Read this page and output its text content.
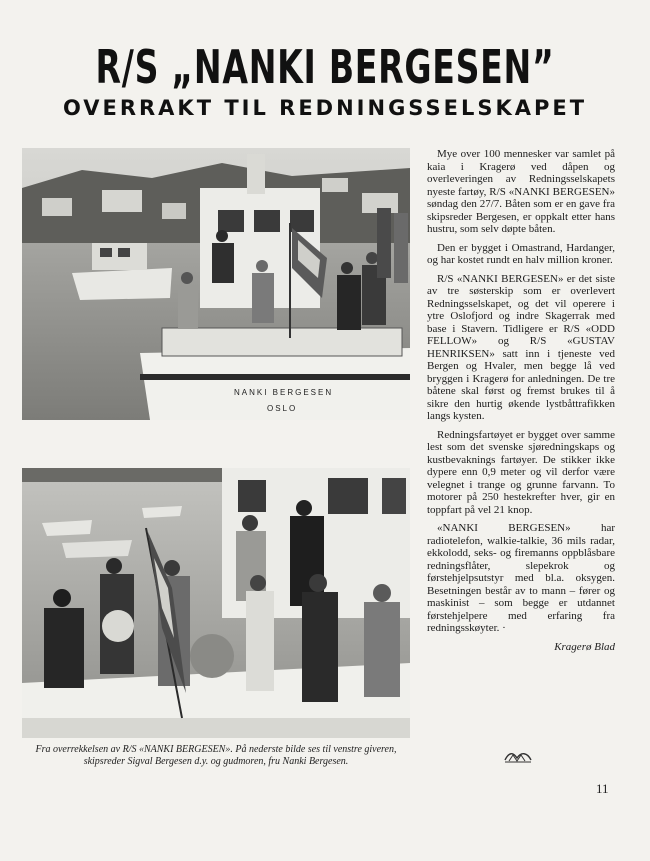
R/S „NANKI BERGESEN”
OVERRAKT TIL REDNINGSSELSKAPET
NANKI BERGESEN
OSLO
Fra overrekkelsen av R/S «NANKI BERGESEN». På nederste bilde ses til venstre giveren, skipsreder Sigval Bergesen d.y. og gudmoren, fru Nanki Bergesen.

Mye over 100 mennesker var samlet på kaia i Kragerø ved dåpen og overleveringen av Redningsselskapets nyeste fartøy, R/S «NANKI BERGESEN» søndag den 27/7. Båten som er en gave fra skipsreder Bergesen, er oppkalt etter hans hustru, som selv døpte båten.

Den er bygget i Omastrand, Hardanger, og har kostet rundt en halv million kroner.

R/S «NANKI BERGESEN» er det siste av tre søsterskip som er overlevert Redningsselskapet, og det vil operere i ytre Oslofjord og indre Skagerrak med base i Stavern. Tidligere er R/S «ODD FELLOW» og R/S «GUSTAV HENRIKSEN» satt inn i tjeneste ved Bergen og Hvaler, men begge lå ved bryggen i Kragerø for anledningen. De tre båtene skal først og fremst brukes til å sikre den hurtig økende lystbåttrafikken langs kysten.

Redningsfartøyet er bygget over samme lest som det svenske sjøredningskaps og kustbevaknings fartøyer. De stikker ikke dypere enn 0,9 meter og vil derfor være velegnet i trange og grunne farvann. To motorer på 250 hestekrefter hver, gir en toppfart på vel 21 knop.

«NANKI BERGESEN» har radiotelefon, walkie-talkie, 36 mils radar, ekkolodd, seks- og firemanns oppblåsbare redningsflåter, slepekrok og førstehjelpsutstyr med bl.a. oksygen. Besetningen består av to mann – fører og maskinist – som begge er utdannet førstehjelpere med erfaring fra redningsskøyter. ·

Kragerø Blad

11
